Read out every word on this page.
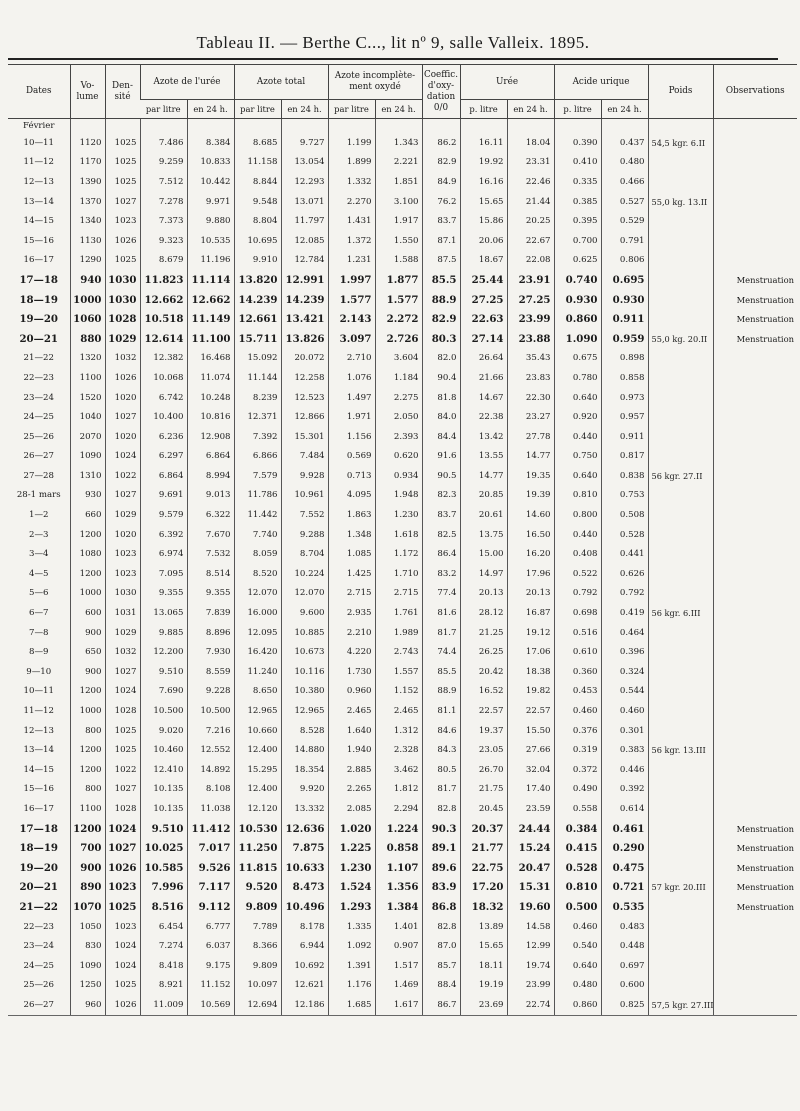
Tableau II. — Berthe C..., lit nº 9, salle Valleix. 1895.
Dates	Vo-lume	Den-sité	Azote de l'urée		Azote total		Azote incomplète-ment oxydé		Coeffic. d'oxy-dation 0/0	Urée		Acide urique		Poids	Observations
			par litre	en 24 h.	par litre	en 24 h.	par litre	en 24 h.		p. litre	en 24 h.	p. litre	en 24 h.		
Février															
10—11	1120	1025	7.486	8.384	8.685	9.727	1.199	1.343	86.2	16.11	18.04	0.390	0.437	54,5 kgr. 6.II	
11—12	1170	1025	9.259	10.833	11.158	13.054	1.899	2.221	82.9	19.92	23.31	0.410	0.480		
12—13	1390	1025	7.512	10.442	8.844	12.293	1.332	1.851	84.9	16.16	22.46	0.335	0.466		
13—14	1370	1027	7.278	9.971	9.548	13.071	2.270	3.100	76.2	15.65	21.44	0.385	0.527	55,0 kg. 13.II	
14—15	1340	1023	7.373	9.880	8.804	11.797	1.431	1.917	83.7	15.86	20.25	0.395	0.529		
15—16	1130	1026	9.323	10.535	10.695	12.085	1.372	1.550	87.1	20.06	22.67	0.700	0.791		
16—17	1290	1025	8.679	11.196	9.910	12.784	1.231	1.588	87.5	18.67	22.08	0.625	0.806		
17—18	940	1030	11.823	11.114	13.820	12.991	1.997	1.877	85.5	25.44	23.91	0.740	0.695		Menstruation
18—19	1000	1030	12.662	12.662	14.239	14.239	1.577	1.577	88.9	27.25	27.25	0.930	0.930		Menstruation
19—20	1060	1028	10.518	11.149	12.661	13.421	2.143	2.272	82.9	22.63	23.99	0.860	0.911		Menstruation
20—21	880	1029	12.614	11.100	15.711	13.826	3.097	2.726	80.3	27.14	23.88	1.090	0.959	55,0 kg. 20.II	Menstruation
21—22	1320	1032	12.382	16.468	15.092	20.072	2.710	3.604	82.0	26.64	35.43	0.675	0.898		
22—23	1100	1026	10.068	11.074	11.144	12.258	1.076	1.184	90.4	21.66	23.83	0.780	0.858		
23—24	1520	1020	6.742	10.248	8.239	12.523	1.497	2.275	81.8	14.67	22.30	0.640	0.973		
24—25	1040	1027	10.400	10.816	12.371	12.866	1.971	2.050	84.0	22.38	23.27	0.920	0.957		
25—26	2070	1020	6.236	12.908	7.392	15.301	1.156	2.393	84.4	13.42	27.78	0.440	0.911		
26—27	1090	1024	6.297	6.864	6.866	7.484	0.569	0.620	91.6	13.55	14.77	0.750	0.817		
27—28	1310	1022	6.864	8.994	7.579	9.928	0.713	0.934	90.5	14.77	19.35	0.640	0.838	56 kgr. 27.II	
28-1 mars	930	1027	9.691	9.013	11.786	10.961	4.095	1.948	82.3	20.85	19.39	0.810	0.753		
1—2	660	1029	9.579	6.322	11.442	7.552	1.863	1.230	83.7	20.61	14.60	0.800	0.508		
2—3	1200	1020	6.392	7.670	7.740	9.288	1.348	1.618	82.5	13.75	16.50	0.440	0.528		
3—4	1080	1023	6.974	7.532	8.059	8.704	1.085	1.172	86.4	15.00	16.20	0.408	0.441		
4—5	1200	1023	7.095	8.514	8.520	10.224	1.425	1.710	83.2	14.97	17.96	0.522	0.626		
5—6	1000	1030	9.355	9.355	12.070	12.070	2.715	2.715	77.4	20.13	20.13	0.792	0.792		
6—7	600	1031	13.065	7.839	16.000	9.600	2.935	1.761	81.6	28.12	16.87	0.698	0.419	56 kgr. 6.III	
7—8	900	1029	9.885	8.896	12.095	10.885	2.210	1.989	81.7	21.25	19.12	0.516	0.464		
8—9	650	1032	12.200	7.930	16.420	10.673	4.220	2.743	74.4	26.25	17.06	0.610	0.396		
9—10	900	1027	9.510	8.559	11.240	10.116	1.730	1.557	85.5	20.42	18.38	0.360	0.324		
10—11	1200	1024	7.690	9.228	8.650	10.380	0.960	1.152	88.9	16.52	19.82	0.453	0.544		
11—12	1000	1028	10.500	10.500	12.965	12.965	2.465	2.465	81.1	22.57	22.57	0.460	0.460		
12—13	800	1025	9.020	7.216	10.660	8.528	1.640	1.312	84.6	19.37	15.50	0.376	0.301		
13—14	1200	1025	10.460	12.552	12.400	14.880	1.940	2.328	84.3	23.05	27.66	0.319	0.383	56 kgr. 13.III	
14—15	1200	1022	12.410	14.892	15.295	18.354	2.885	3.462	80.5	26.70	32.04	0.372	0.446		
15—16	800	1027	10.135	8.108	12.400	9.920	2.265	1.812	81.7	21.75	17.40	0.490	0.392		
16—17	1100	1028	10.135	11.038	12.120	13.332	2.085	2.294	82.8	20.45	23.59	0.558	0.614		
17—18	1200	1024	9.510	11.412	10.530	12.636	1.020	1.224	90.3	20.37	24.44	0.384	0.461		Menstruation
18—19	700	1027	10.025	7.017	11.250	7.875	1.225	0.858	89.1	21.77	15.24	0.415	0.290		Menstruation
19—20	900	1026	10.585	9.526	11.815	10.633	1.230	1.107	89.6	22.75	20.47	0.528	0.475		Menstruation
20—21	890	1023	7.996	7.117	9.520	8.473	1.524	1.356	83.9	17.20	15.31	0.810	0.721	57 kgr. 20.III	Menstruation
21—22	1070	1025	8.516	9.112	9.809	10.496	1.293	1.384	86.8	18.32	19.60	0.500	0.535		Menstruation
22—23	1050	1023	6.454	6.777	7.789	8.178	1.335	1.401	82.8	13.89	14.58	0.460	0.483		
23—24	830	1024	7.274	6.037	8.366	6.944	1.092	0.907	87.0	15.65	12.99	0.540	0.448		
24—25	1090	1024	8.418	9.175	9.809	10.692	1.391	1.517	85.7	18.11	19.74	0.640	0.697		
25—26	1250	1025	8.921	11.152	10.097	12.621	1.176	1.469	88.4	19.19	23.99	0.480	0.600		
26—27	960	1026	11.009	10.569	12.694	12.186	1.685	1.617	86.7	23.69	22.74	0.860	0.825	57,5 kgr. 27.III	
